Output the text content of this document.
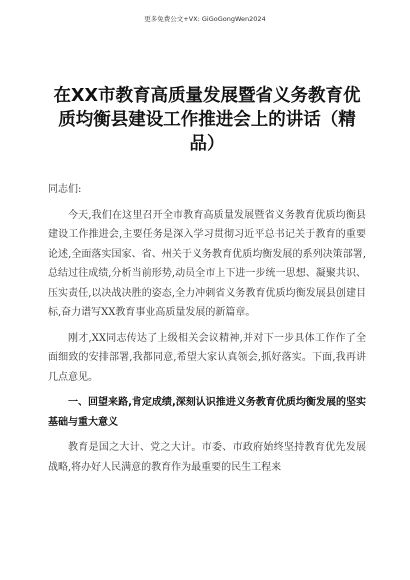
更多免费公文+VX: GiGoGongWen2024
在XX市教育高质量发展暨省义务教育优质均衡县建设工作推进会上的讲话（精品）

同志们:

今天,我们在这里召开全市教育高质量发展暨省义务教育优质均衡县建设工作推进会,主要任务是深入学习贯彻习近平总书记关于教育的重要论述,全面落实国家、省、州关于义务教育优质均衡发展的系列决策部署,总结过往成绩,分析当前形势,动员全市上下进一步统一思想、凝聚共识、压实责任,以决战决胜的姿态,全力冲刺省义务教育优质均衡发展县创建目标,奋力谱写XX教育事业高质量发展的新篇章。

刚才,XX同志传达了上级相关会议精神,并对下一步具体工作作了全面细致的安排部署,我都同意,希望大家认真领会,抓好落实。下面,我再讲几点意见。

一、回望来路,肯定成绩,深刻认识推进义务教育优质均衡发展的坚实基础与重大意义

教育是国之大计、党之大计。市委、市政府始终坚持教育优先发展战略,将办好人民满意的教育作为最重要的民生工程来
